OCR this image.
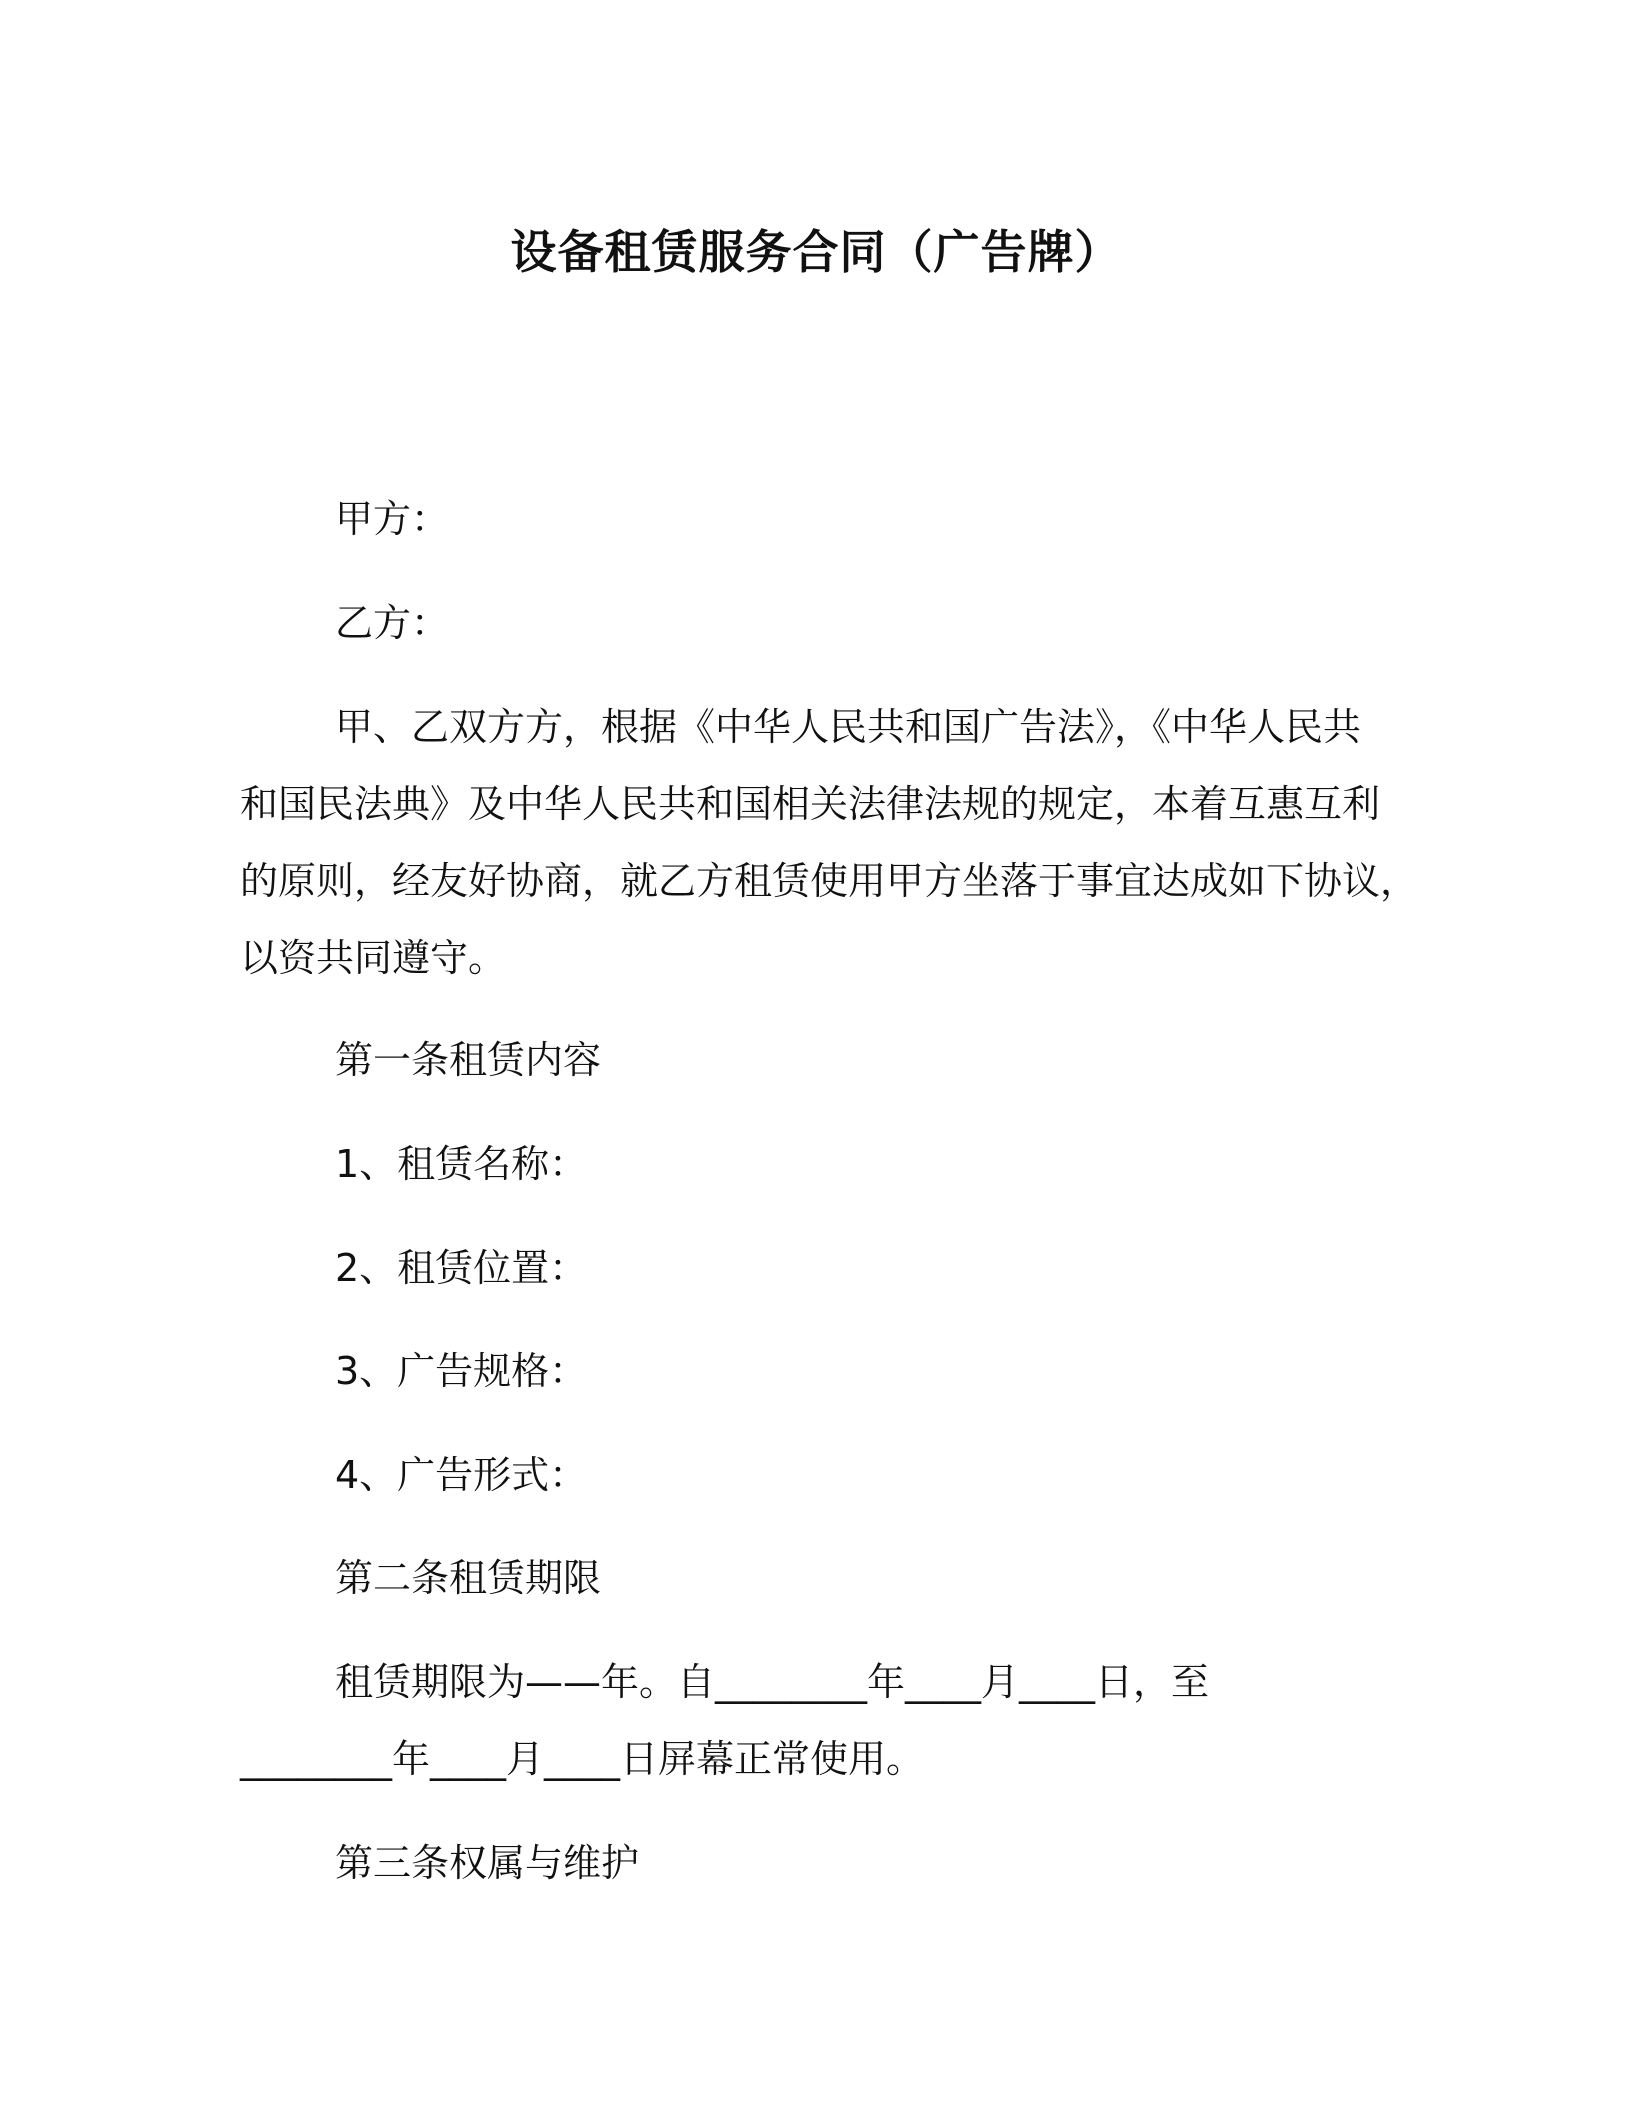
设备租赁服务合同（广告牌）
甲方：
乙方：
甲、乙双方方，根据《中华人民共和国广告法》，《中华人民共
和国民法典》及中华人民共和国相关法律法规的规定，本着互惠互利
的原则，经友好协商，就乙方租赁使用甲方坐落于事宜达成如下协议，
以资共同遵守。
第一条租赁内容
1、租赁名称：
2、租赁位置：
3、广告规格：
4、广告形式：
第二条租赁期限
租赁期限为——年。自________年____月____日，至
________年____月____日屏幕正常使用。
第三条权属与维护
